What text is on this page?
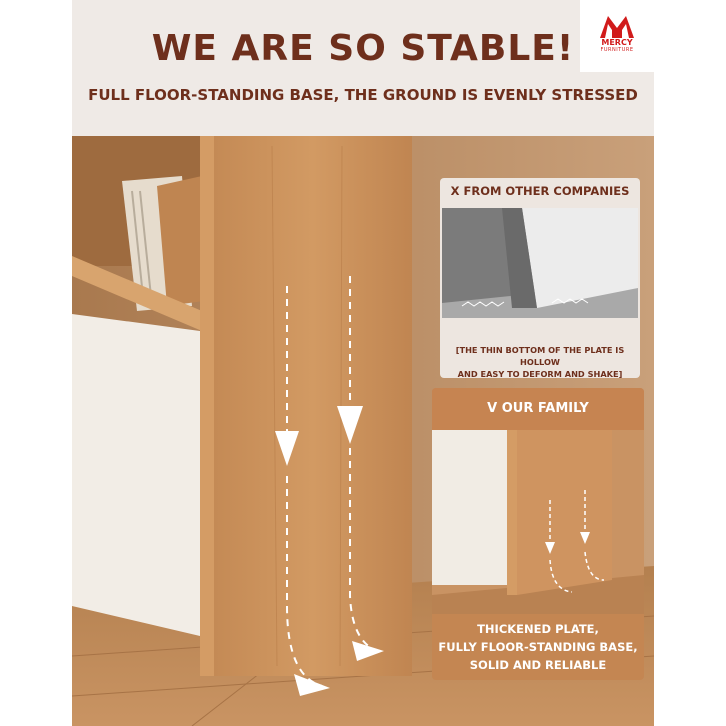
WE ARE SO STABLE!
FULL FLOOR-STANDING BASE, THE GROUND IS EVENLY STRESSED
MERCY
FURNITURE
X FROM OTHER COMPANIES
[THE THIN BOTTOM OF THE PLATE IS HOLLOW
AND EASY TO DEFORM AND SHAKE]
V OUR FAMILY
THICKENED PLATE,
FULLY FLOOR-STANDING BASE,
SOLID AND RELIABLE
